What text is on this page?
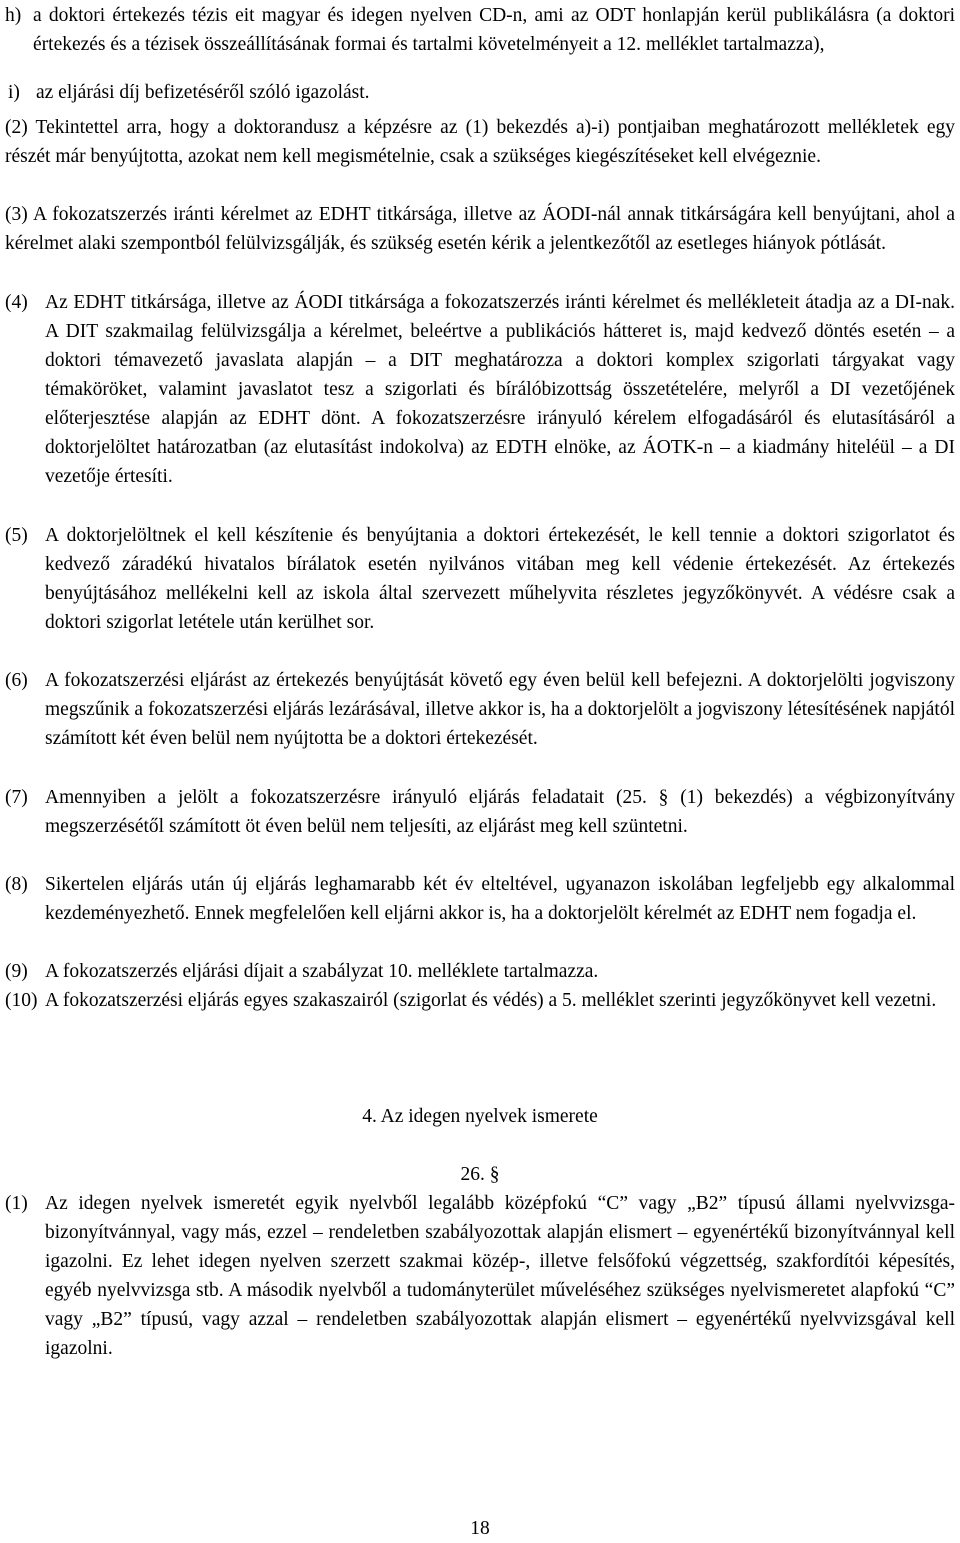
h) a doktori értekezés tézis eit magyar és idegen nyelven CD-n, ami az ODT honlapján kerül publikálásra (a doktori értekezés és a tézisek összeállításának formai és tartalmi követelményeit a 12. melléklet tartalmazza),
i) az eljárási díj befizetéséről szóló igazolást.
(2) Tekintettel arra, hogy a doktorandusz a képzésre az (1) bekezdés a)-i) pontjaiban meghatározott mellékletek egy részét már benyújtotta, azokat nem kell megismételnie, csak a szükséges kiegészítéseket kell elvégeznie.
(3) A fokozatszerzés iránti kérelmet az EDHT titkársága, illetve az ÁODI-nál annak titkárságára kell benyújtani, ahol a kérelmet alaki szempontból felülvizsgálják, és szükség esetén kérik a jelentkezőtől az esetleges hiányok pótlását.
(4) Az EDHT titkársága, illetve az ÁODI titkársága a fokozatszerzés iránti kérelmet és mellékleteit átadja az a DI-nak. A DIT szakmailag felülvizsgálja a kérelmet, beleértve a publikációs hátteret is, majd kedvező döntés esetén – a doktori témavezető javaslata alapján – a DIT meghatározza a doktori komplex szigorlati tárgyakat vagy témaköröket, valamint javaslatot tesz a szigorlati és bírálóbizottság összetételére, melyről a DI vezetőjének előterjesztése alapján az EDHT dönt. A fokozatszerzésre irányuló kérelem elfogadásáról és elutasításáról a doktorjelöltet határozatban (az elutasítást indokolva) az EDTH elnöke, az ÁOTK-n – a kiadmány hiteléül – a DI vezetője értesíti.
(5) A doktorjelöltnek el kell készítenie és benyújtania a doktori értekezését, le kell tennie a doktori szigorlatot és kedvező záradékú hivatalos bírálatok esetén nyilvános vitában meg kell védenie értekezését. Az értekezés benyújtásához mellékelni kell az iskola által szervezett műhelyvita részletes jegyzőkönyvét. A védésre csak a doktori szigorlat letétele után kerülhet sor.
(6) A fokozatszerzési eljárást az értekezés benyújtását követő egy éven belül kell befejezni. A doktorjelölti jogviszony megszűnik a fokozatszerzési eljárás lezárásával, illetve akkor is, ha a doktorjelölt a jogviszony létesítésének napjától számított két éven belül nem nyújtotta be a doktori értekezését.
(7) Amennyiben a jelölt a fokozatszerzésre irányuló eljárás feladatait (25. § (1) bekezdés) a végbizonyítvány megszerzésétől számított öt éven belül nem teljesíti, az eljárást meg kell szüntetni.
(8) Sikertelen eljárás után új eljárás leghamarabb két év elteltével, ugyanazon iskolában legfeljebb egy alkalommal kezdeményezhető. Ennek megfelelően kell eljárni akkor is, ha a doktorjelölt kérelmét az EDHT nem fogadja el.
(9) A fokozatszerzés eljárási díjait a szabályzat 10. melléklete tartalmazza.
(10) A fokozatszerzési eljárás egyes szakaszairól (szigorlat és védés) a 5. melléklet szerinti jegyzőkönyvet kell vezetni.
4. Az idegen nyelvek ismerete
26. §
(1) Az idegen nyelvek ismeretét egyik nyelvből legalább középfokú “C” vagy „B2” típusú állami nyelvvizsga-bizonyítvánnyal, vagy más, ezzel – rendeletben szabályozottak alapján elismert – egyenértékű bizonyítvánnyal kell igazolni. Ez lehet idegen nyelven szerzett szakmai közép-, illetve felsőfokú végzettség, szakfordítói képesítés, egyéb nyelvvizsga stb. A második nyelvből a tudományterület műveléséhez szükséges nyelvismeretet alapfokú “C” vagy „B2” típusú, vagy azzal – rendeletben szabályozottak alapján elismert – egyenértékű nyelvvizsgával kell igazolni.
18
